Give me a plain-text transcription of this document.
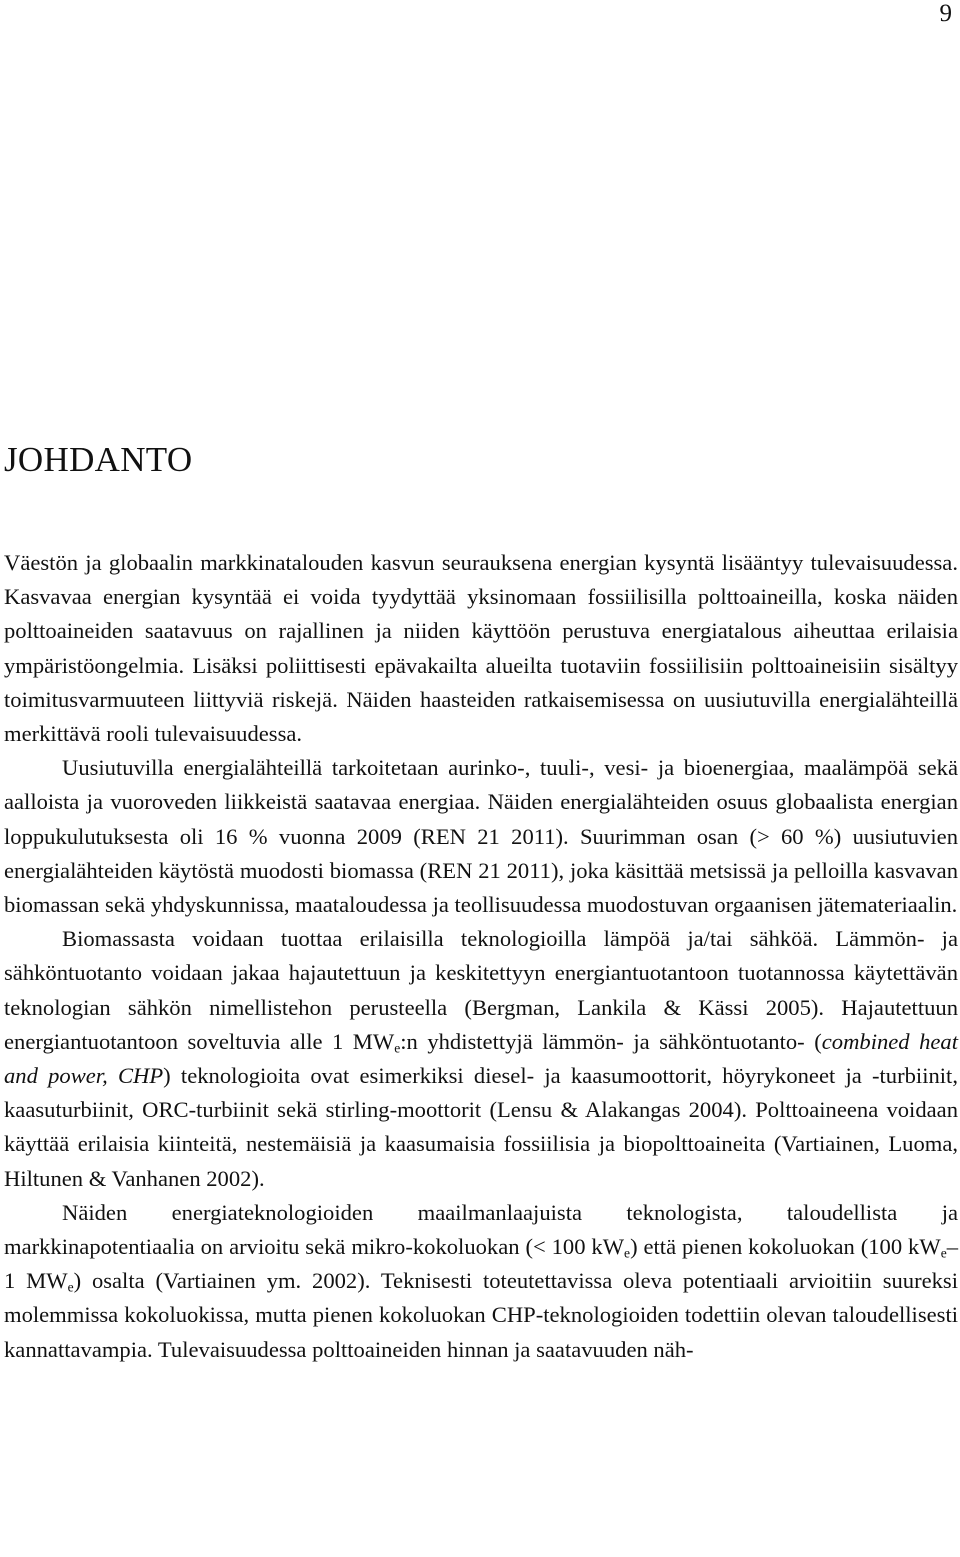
9
JOHDANTO

Väestön ja globaalin markkinatalouden kasvun seurauksena energian kysyntä lisääntyy tulevaisuudessa. Kasvavaa energian kysyntää ei voida tyydyttää yksinomaan fossiilisilla polttoaineilla, koska näiden polttoaineiden saatavuus on rajallinen ja niiden käyttöön perustuva energiatalous aiheuttaa erilaisia ympäristöongelmia. Lisäksi poliittisesti epävakailta alueilta tuotaviin fossiilisiin polttoaineisiin sisältyy toimitusvarmuuteen liittyviä riskejä. Näiden haasteiden ratkaisemisessa on uusiutuvilla energialähteillä merkittävä rooli tulevaisuudessa.

Uusiutuvilla energialähteillä tarkoitetaan aurinko-, tuuli-, vesi- ja bioenergiaa, maalämpöä sekä aalloista ja vuoroveden liikkeistä saatavaa energiaa. Näiden energialähteiden osuus globaalista energian loppukulutuksesta oli 16 % vuonna 2009 (REN 21 2011). Suurimman osan (> 60 %) uusiutuvien energialähteiden käytöstä muodosti biomassa (REN 21 2011), joka käsittää metsissä ja pelloilla kasvavan biomassan sekä yhdyskunnissa, maataloudessa ja teollisuudessa muodostuvan orgaanisen jätemateriaalin.

Biomassasta voidaan tuottaa erilaisilla teknologioilla lämpöä ja/tai sähköä. Lämmön- ja sähköntuotanto voidaan jakaa hajautettuun ja keskitettyyn energiantuotantoon tuotannossa käytettävän teknologian sähkön nimellistehon perusteella (Bergman, Lankila & Kässi 2005). Hajautettuun energiantuotantoon soveltuvia alle 1 $MW_e:n$ yhdistettyjä lämmön- ja sähköntuotanto- (combined heat and power, CHP) teknologioita ovat esimerkiksi diesel- ja kaasumoottorit, höyrykoneet ja -turbiinit, kaasuturbiinit, ORC-turbiinit sekä stirling-moottorit (Lensu & Alakangas 2004). Polttoaineena voidaan käyttää erilaisia kiinteitä, nestemäisiä ja kaasumaisia fossiilisia ja biopolttoaineita (Vartiainen, Luoma, Hiltunen & Vanhanen 2002).

Näiden energiateknologioiden maailmanlaajuista teknologista, taloudellista ja markkinapotentiaalia on arvioitu sekä mikro-kokoluokan (< 100 $kW_e$) että pienen kokoluokan (100 $kW_e-1$ $MW_e$) osalta (Vartiainen ym. 2002). Teknisesti toteutettavissa oleva potentiaali arvioitiin suureksi molemmissa kokoluokissa, mutta pienen kokoluokan CHP-teknologioiden todettiin olevan taloudellisesti kannattavampia. Tulevaisuudessa polttoaineiden hinnan ja saatavuuden näh-
